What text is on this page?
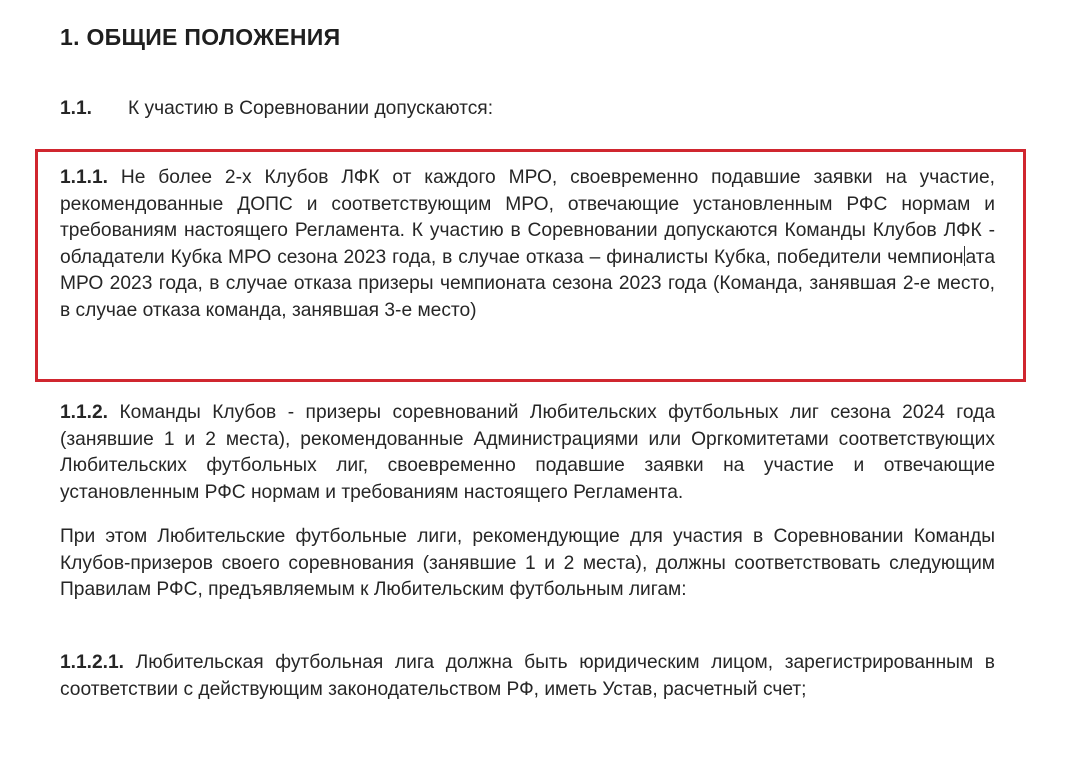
1. ОБЩИЕ ПОЛОЖЕНИЯ
1.1. К участию в Соревновании допускаются:

1.1.1. Не более 2-х Клубов ЛФК от каждого МРО, своевременно подавшие заявки на участие, рекомендованные ДОПС и соответствующим МРО, отвечающие установленным РФС нормам и требованиям настоящего Регламента. К участию в Соревновании допускаются Команды Клубов ЛФК - обладатели Кубка МРО сезона 2023 года, в случае отказа – финалисты Кубка, победители чемпион ата МРО 2023 года, в случае отказа призеры чемпионата сезона 2023 года (Команда, занявшая 2-е место, в случае отказа команда, занявшая 3-е место)

1.1.2. Команды Клубов - призеры соревнований Любительских футбольных лиг сезона 2024 года (занявшие 1 и 2 места), рекомендованные Администрациями или Оргкомитетами соответствующих Любительских футбольных лиг, своевременно подавшие заявки на участие и отвечающие установленным РФС нормам и требованиям настоящего Регламента.

При этом Любительские футбольные лиги, рекомендующие для участия в Соревновании Команды Клубов-призеров своего соревнования (занявшие 1 и 2 места), должны соответствовать следующим Правилам РФС, предъявляемым к Любительским футбольным лигам:

1.1.2.1. Любительская футбольная лига должна быть юридическим лицом, зарегистрированным в соответствии с действующим законодательством РФ, иметь Устав, расчетный счет;
